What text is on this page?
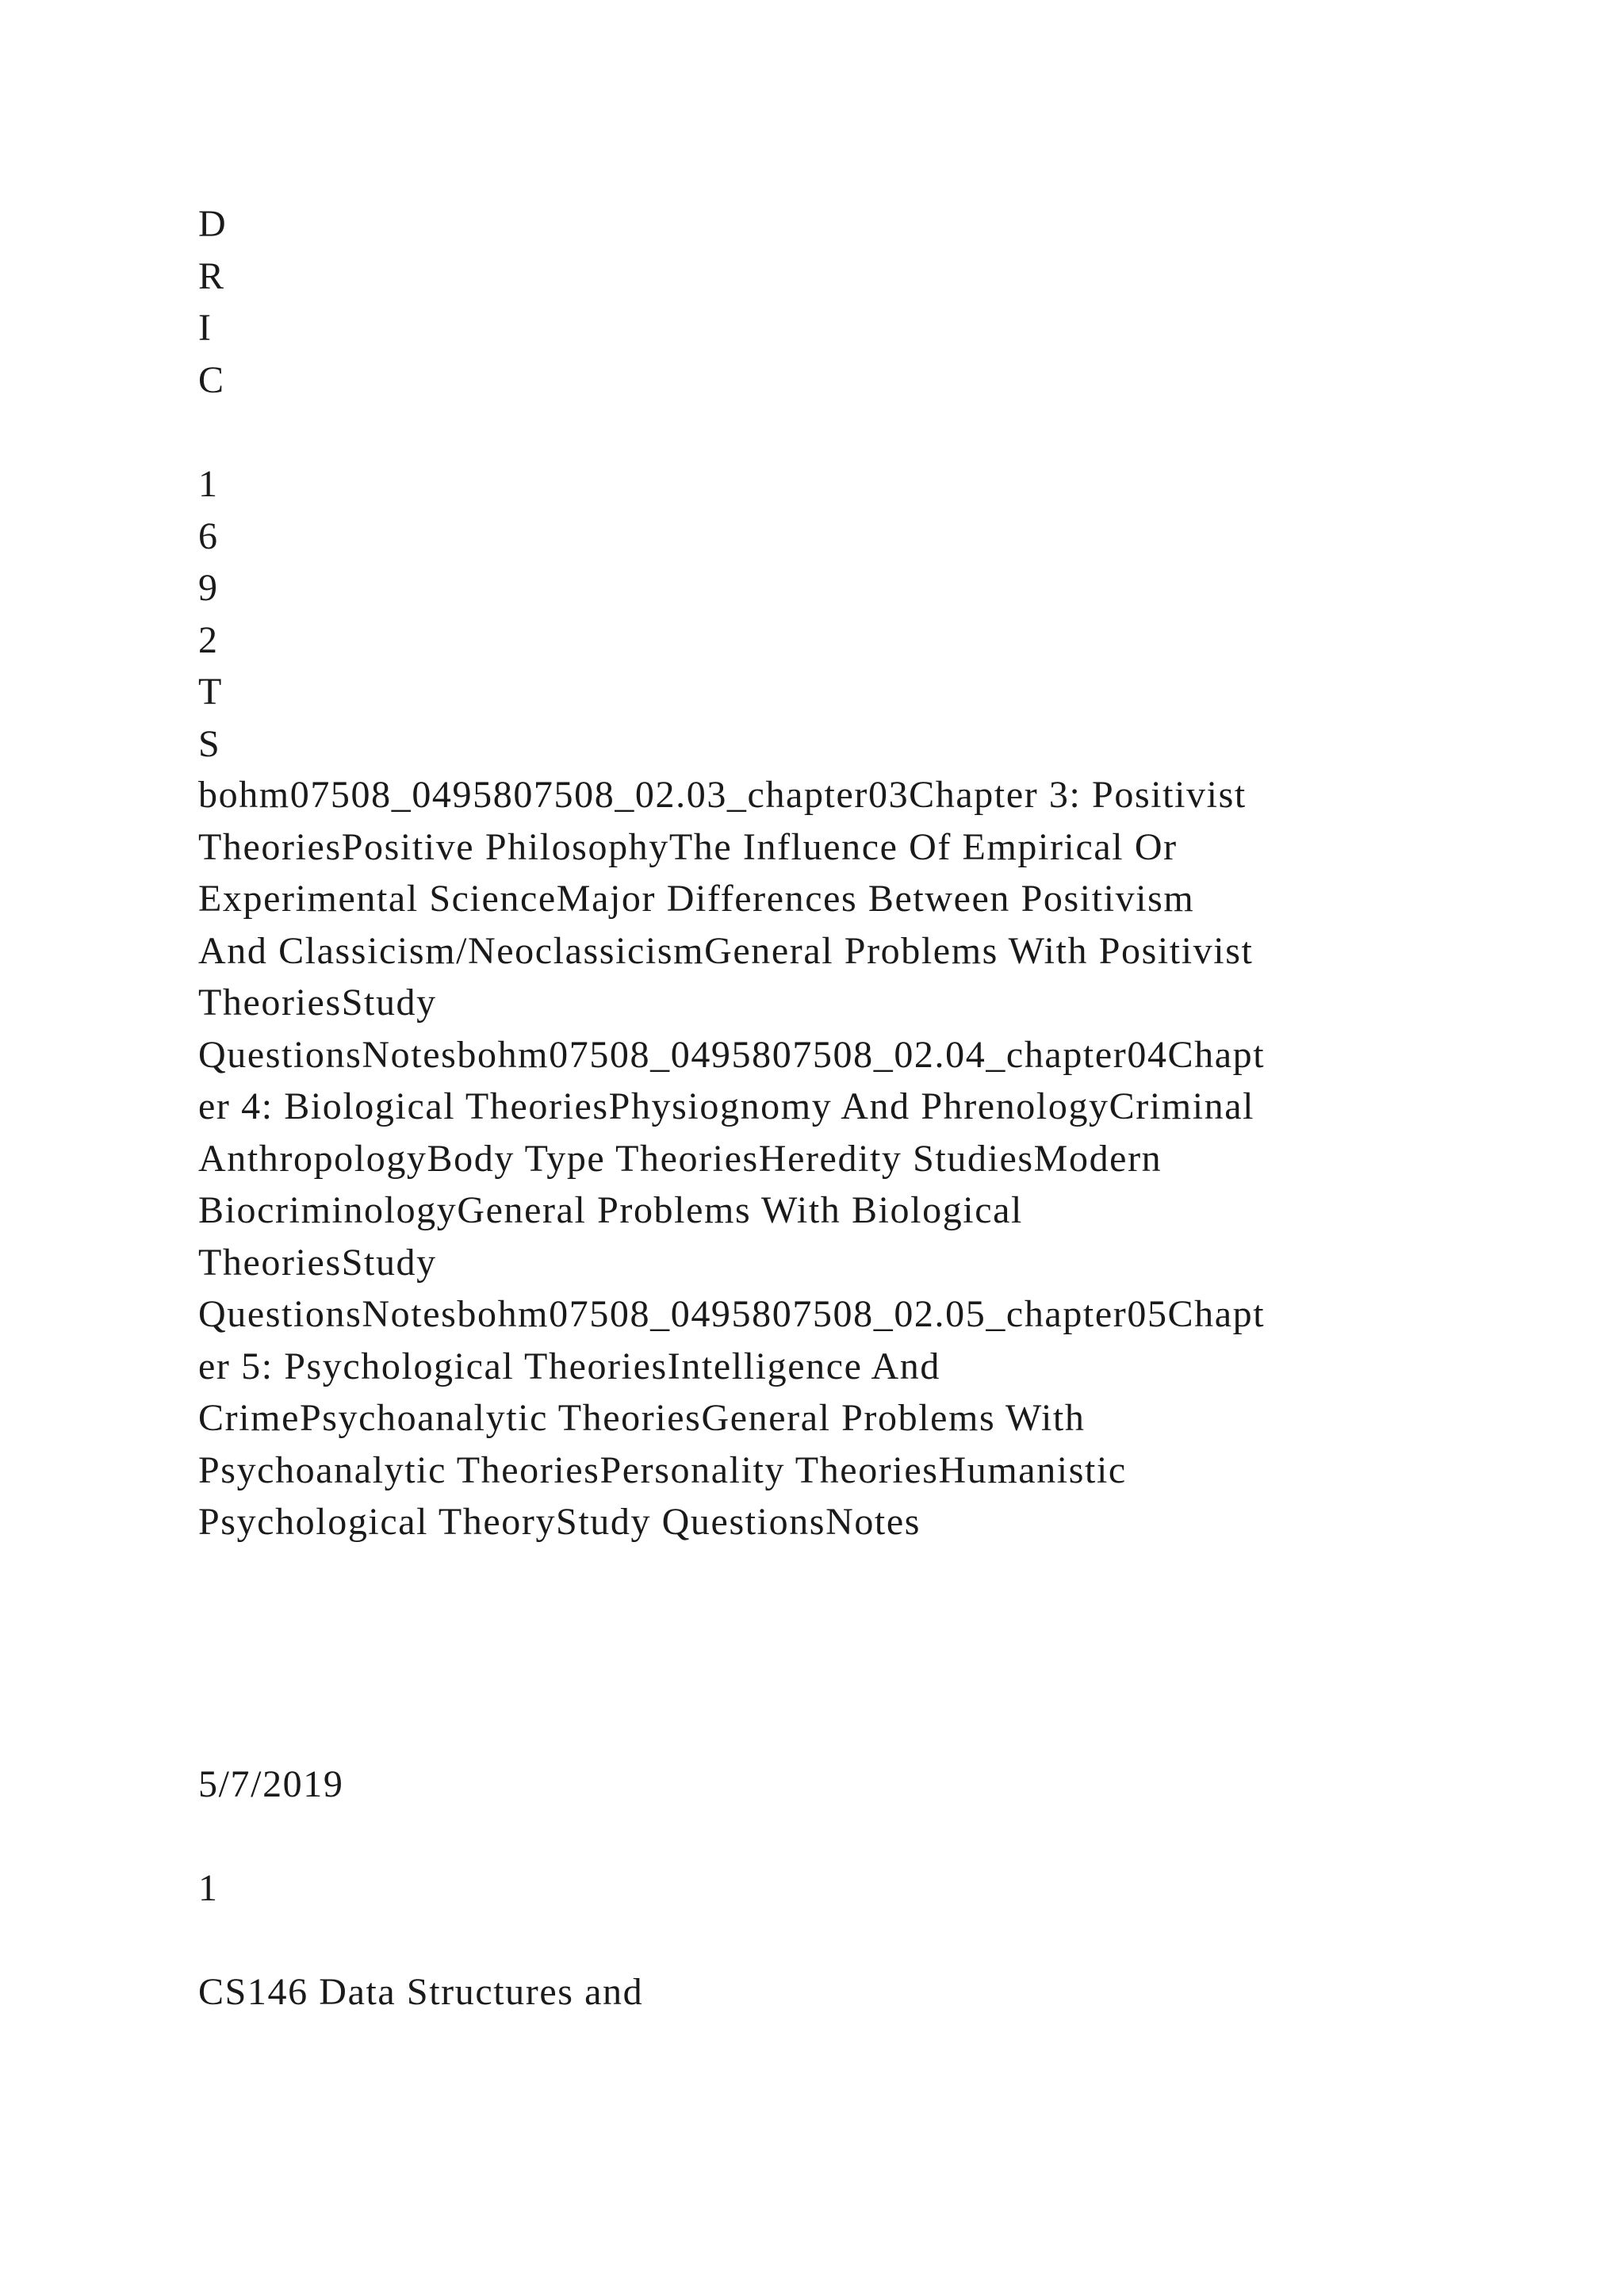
D
R
I
C
1
6
9
2
T
S
bohm07508_0495807508_02.03_chapter03Chapter 3: Positivist
TheoriesPositive PhilosophyThe Influence Of Empirical Or
Experimental ScienceMajor Differences Between Positivism
And Classicism/NeoclassicismGeneral Problems With Positivist
TheoriesStudy
QuestionsNotesbohm07508_0495807508_02.04_chapter04Chapt
er 4: Biological TheoriesPhysiognomy And PhrenologyCriminal
AnthropologyBody Type TheoriesHeredity StudiesModern
BiocriminologyGeneral Problems With Biological
TheoriesStudy
QuestionsNotesbohm07508_0495807508_02.05_chapter05Chapt
er 5: Psychological TheoriesIntelligence And
CrimePsychoanalytic TheoriesGeneral Problems With
Psychoanalytic TheoriesPersonality TheoriesHumanistic
Psychological TheoryStudy QuestionsNotes
5/7/2019
1
CS146 Data Structures and
